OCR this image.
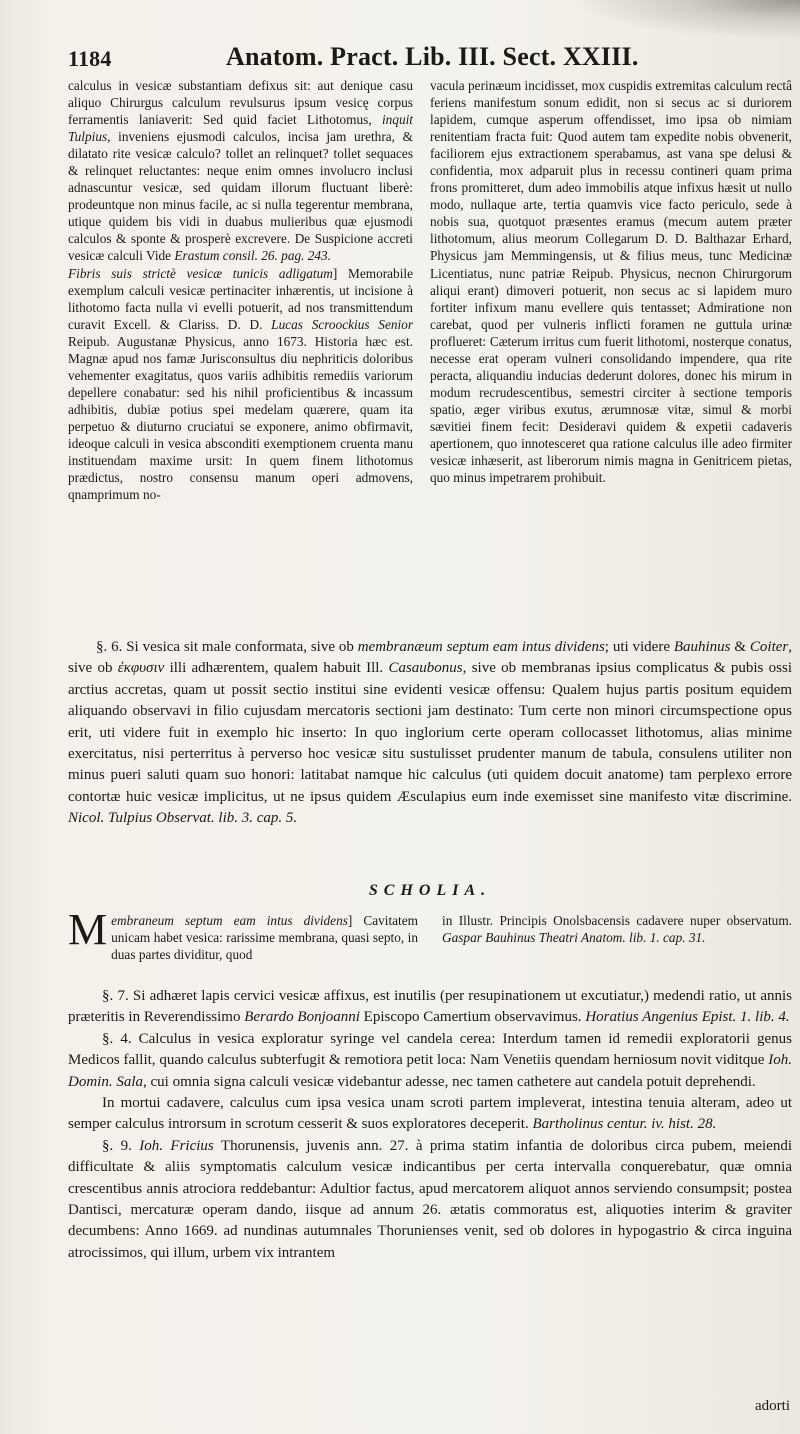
1184	Anatom. Pract. Lib. III. Sect. XXIII.

calculus in vesicæ substantiam defixus sit: aut denique casu aliquo Chirurgus calculum revulsurus ipsum vesicę corpus ferramentis laniaverit: Sed quid faciet Lithotomus, inquit Tulpius, inveniens ejusmodi calculos, incisa jam urethra, & dilatato rite vesicæ calculo? tollet an relinquet? tollet sequaces & relinquet reluctantes: neque enim omnes involucro inclusi adnascuntur vesicæ, sed quidam illorum fluctuant liberè: prodeuntque non minus facile, ac si nulla tegerentur membrana, utique quidem bis vidi in duabus mulieribus quæ ejusmodi calculos & sponte & prosperè excrevere. De Suspicione accreti vesicæ calculi Vide Erastum consil. 26. pag. 243.

Fibris suis strictè vesicæ tunicis adligatum] Memorabile exemplum calculi vesicæ pertinaciter inhærentis, ut incisione à lithotomo facta nulla vi evelli potuerit, ad nos transmittendum curavit Excell. & Clariss. D. D. Lucas Scroockius Senior Reipub. Augustanæ Physicus, anno 1673. Historia hæc est. Magnæ apud nos famæ Jurisconsultus diu nephriticis doloribus vehementer exagitatus, quos variis adhibitis remediis variorum depellere conabatur: sed his nihil proficientibus & incassum adhibitis, dubiæ potius spei medelam quærere, quam ita perpetuo & diuturno cruciatui se exponere, animo obfirmavit, ideoque calculi in vesica absconditi exemptionem cruenta manu instituendam maxime ursit: In quem finem lithotomus prædictus, nostro consensu manum operi admovens, qnamprimum no-

vacula perinæum incidisset, mox cuspidis extremitas calculum rectâ feriens manifestum sonum edidit, non si secus ac si duriorem lapidem, cumque asperum offendisset, imo ipsa ob nimiam renitentiam fracta fuit: Quod autem tam expedite nobis obvenerit, faciliorem ejus extractionem sperabamus, ast vana spe delusi & confidentia, mox adparuit plus in recessu contineri quam prima frons promitteret, dum adeo immobilis atque infixus hæsit ut nullo modo, nullaque arte, tertia quamvis vice facto periculo, sede à nobis sua, quotquot præsentes eramus (mecum autem præter lithotomum, alius meorum Collegarum D. D. Balthazar Erhard, Physicus jam Memmingensis, ut & filius meus, tunc Medicinæ Licentiatus, nunc patriæ Reipub. Physicus, necnon Chirurgorum aliqui erant) dimoveri potuerit, non secus ac si lapidem muro fortiter infixum manu evellere quis tentasset; Admiratione non carebat, quod per vulneris inflicti foramen ne guttula urinæ proflueret: Cæterum irritus cum fuerit lithotomi, nosterque conatus, necesse erat operam vulneri consolidando impendere, qua rite peracta, aliquandiu inducias dederunt dolores, donec his mirum in modum recrudescentibus, semestri circiter à sectione temporis spatio, æger viribus exutus, ærumnosæ vitæ, simul & morbi sævitiei finem fecit: Desideravi quidem & expetii cadaveris apertionem, quo innotesceret qua ratione calculus ille adeo firmiter vesicæ inhæserit, ast liberorum nimis magna in Genitricem pietas, quo minus impetrarem prohibuit.

§. 6. Si vesica sit male conformata, sive ob membranæum septum eam intus dividens; uti videre Bauhinus & Coiter, sive ob ἐκφυσιν illi adhærentem, qualem habuit Ill. Casaubonus, sive ob membranas ipsius complicatus & pubis ossi arctius accretas, quam ut possit sectio institui sine evidenti vesicæ offensu: Qualem hujus partis positum equidem aliquando observavi in filio cujusdam mercatoris sectioni jam destinato: Tum certe non minori circumspectione opus erit, uti videre fuit in exemplo hic inserto: In quo inglorium certe operam collocasset lithotomus, alias minime exercitatus, nisi perterritus à perverso hoc vesicæ situ sustulisset prudenter manum de tabula, consulens utiliter non minus pueri saluti quam suo honori: latitabat namque hic calculus (uti quidem docuit anatome) tam perplexo errore contortæ huic vesicæ implicitus, ut ne ipsus quidem Æsculapius eum inde exemisset sine manifesto vitæ discrimine. Nicol. Tulpius Observat. lib. 3. cap. 5.

SCHOLIA.
Membraneum septum eam intus dividens] Cavitatem unicam habet vesica: rarissime membrana, quasi septo, in duas partes dividitur, quod
in Illustr. Principis Onolsbacensis cadavere nuper observatum. Gaspar Bauhinus Theatri Anatom. lib. 1. cap. 31.

§. 7. Si adhæret lapis cervici vesicæ affixus, est inutilis (per resupinationem ut excutiatur,) medendi ratio, ut annis præteritis in Reverendissimo Berardo Bonjoanni Episcopo Camertium observavimus. Horatius Angenius Epist. 1. lib. 4.

§. 4. Calculus in vesica exploratur syringe vel candela cerea: Interdum tamen id remedii exploratorii genus Medicos fallit, quando calculus subterfugit & remotiora petit loca: Nam Venetiis quendam herniosum novit viditque Ioh. Domin. Sala, cui omnia signa calculi vesicæ videbantur adesse, nec tamen cathetere aut candela potuit deprehendi.

In mortui cadavere, calculus cum ipsa vesica unam scroti partem impleverat, intestina tenuia alteram, adeo ut semper calculus introrsum in scrotum cesserit & suos exploratores deceperit. Bartholinus centur. iv. hist. 28.

§. 9. Ioh. Fricius Thorunensis, juvenis ann. 27. à prima statim infantia de doloribus circa pubem, meiendi difficultate & aliis symptomatis calculum vesicæ indicantibus per certa intervalla conquerebatur, quæ omnia crescentibus annis atrociora reddebantur: Adultior factus, apud mercatorem aliquot annos serviendo consumpsit; postea Dantisci, mercaturæ operam dando, iisque ad annum 26. ætatis commoratus est, aliquoties interim & graviter decumbens: Anno 1669. ad nundinas autumnales Thorunienses venit, sed ob dolores in hypogastrio & circa inguina atrocissimos, qui illum, urbem vix intrantem

adorti
